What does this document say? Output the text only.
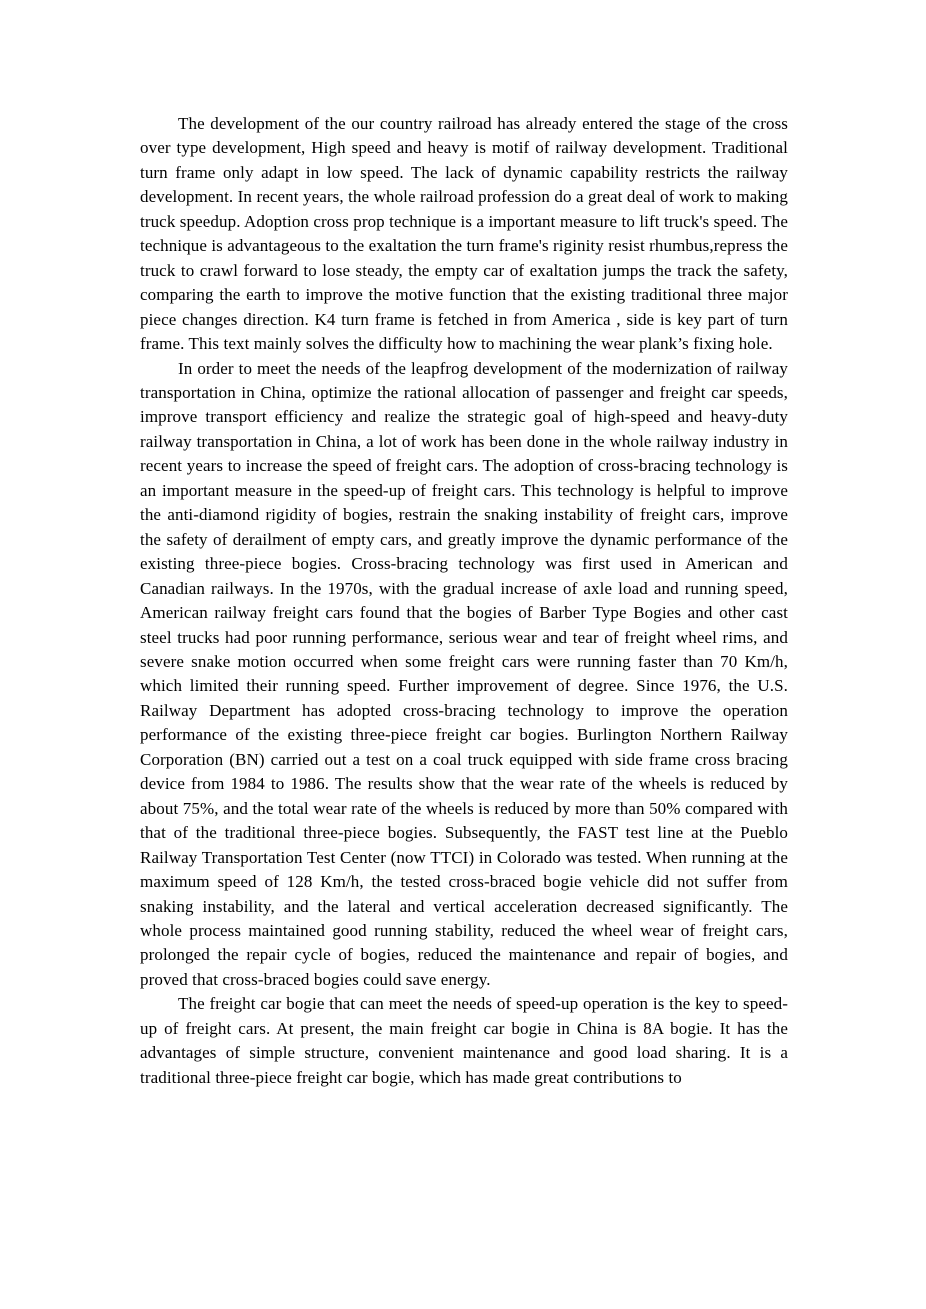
The development of the our country railroad has already entered the stage of the cross over type development, High speed and heavy is motif of railway development. Traditional turn frame only adapt in low speed. The lack of dynamic capability restricts the railway development. In recent years, the whole railroad profession do a great deal of work to making truck speedup. Adoption cross prop technique is a important measure to lift truck's speed. The technique is advantageous to the exaltation the turn frame's riginity resist rhumbus,repress the truck to crawl forward to lose steady, the empty car of exaltation jumps the track the safety, comparing the earth to improve the motive function that the existing traditional three major piece changes direction. K4 turn frame is fetched in from America , side is key part of turn frame. This text mainly solves the difficulty how to machining the wear plank’s fixing hole.

In order to meet the needs of the leapfrog development of the modernization of railway transportation in China, optimize the rational allocation of passenger and freight car speeds, improve transport efficiency and realize the strategic goal of high-speed and heavy-duty railway transportation in China, a lot of work has been done in the whole railway industry in recent years to increase the speed of freight cars. The adoption of cross-bracing technology is an important measure in the speed-up of freight cars. This technology is helpful to improve the anti-diamond rigidity of bogies, restrain the snaking instability of freight cars, improve the safety of derailment of empty cars, and greatly improve the dynamic performance of the existing three-piece bogies. Cross-bracing technology was first used in American and Canadian railways. In the 1970s, with the gradual increase of axle load and running speed, American railway freight cars found that the bogies of Barber Type Bogies and other cast steel trucks had poor running performance, serious wear and tear of freight wheel rims, and severe snake motion occurred when some freight cars were running faster than 70 Km/h, which limited their running speed. Further improvement of degree. Since 1976, the U.S. Railway Department has adopted cross-bracing technology to improve the operation performance of the existing three-piece freight car bogies. Burlington Northern Railway Corporation (BN) carried out a test on a coal truck equipped with side frame cross bracing device from 1984 to 1986. The results show that the wear rate of the wheels is reduced by about 75%, and the total wear rate of the wheels is reduced by more than 50% compared with that of the traditional three-piece bogies. Subsequently, the FAST test line at the Pueblo Railway Transportation Test Center (now TTCI) in Colorado was tested. When running at the maximum speed of 128 Km/h, the tested cross-braced bogie vehicle did not suffer from snaking instability, and the lateral and vertical acceleration decreased significantly. The whole process maintained good running stability, reduced the wheel wear of freight cars, prolonged the repair cycle of bogies, reduced the maintenance and repair of bogies, and proved that cross-braced bogies could save energy.

The freight car bogie that can meet the needs of speed-up operation is the key to speed-up of freight cars. At present, the main freight car bogie in China is 8A bogie. It has the advantages of simple structure, convenient maintenance and good load sharing. It is a traditional three-piece freight car bogie, which has made great contributions to
